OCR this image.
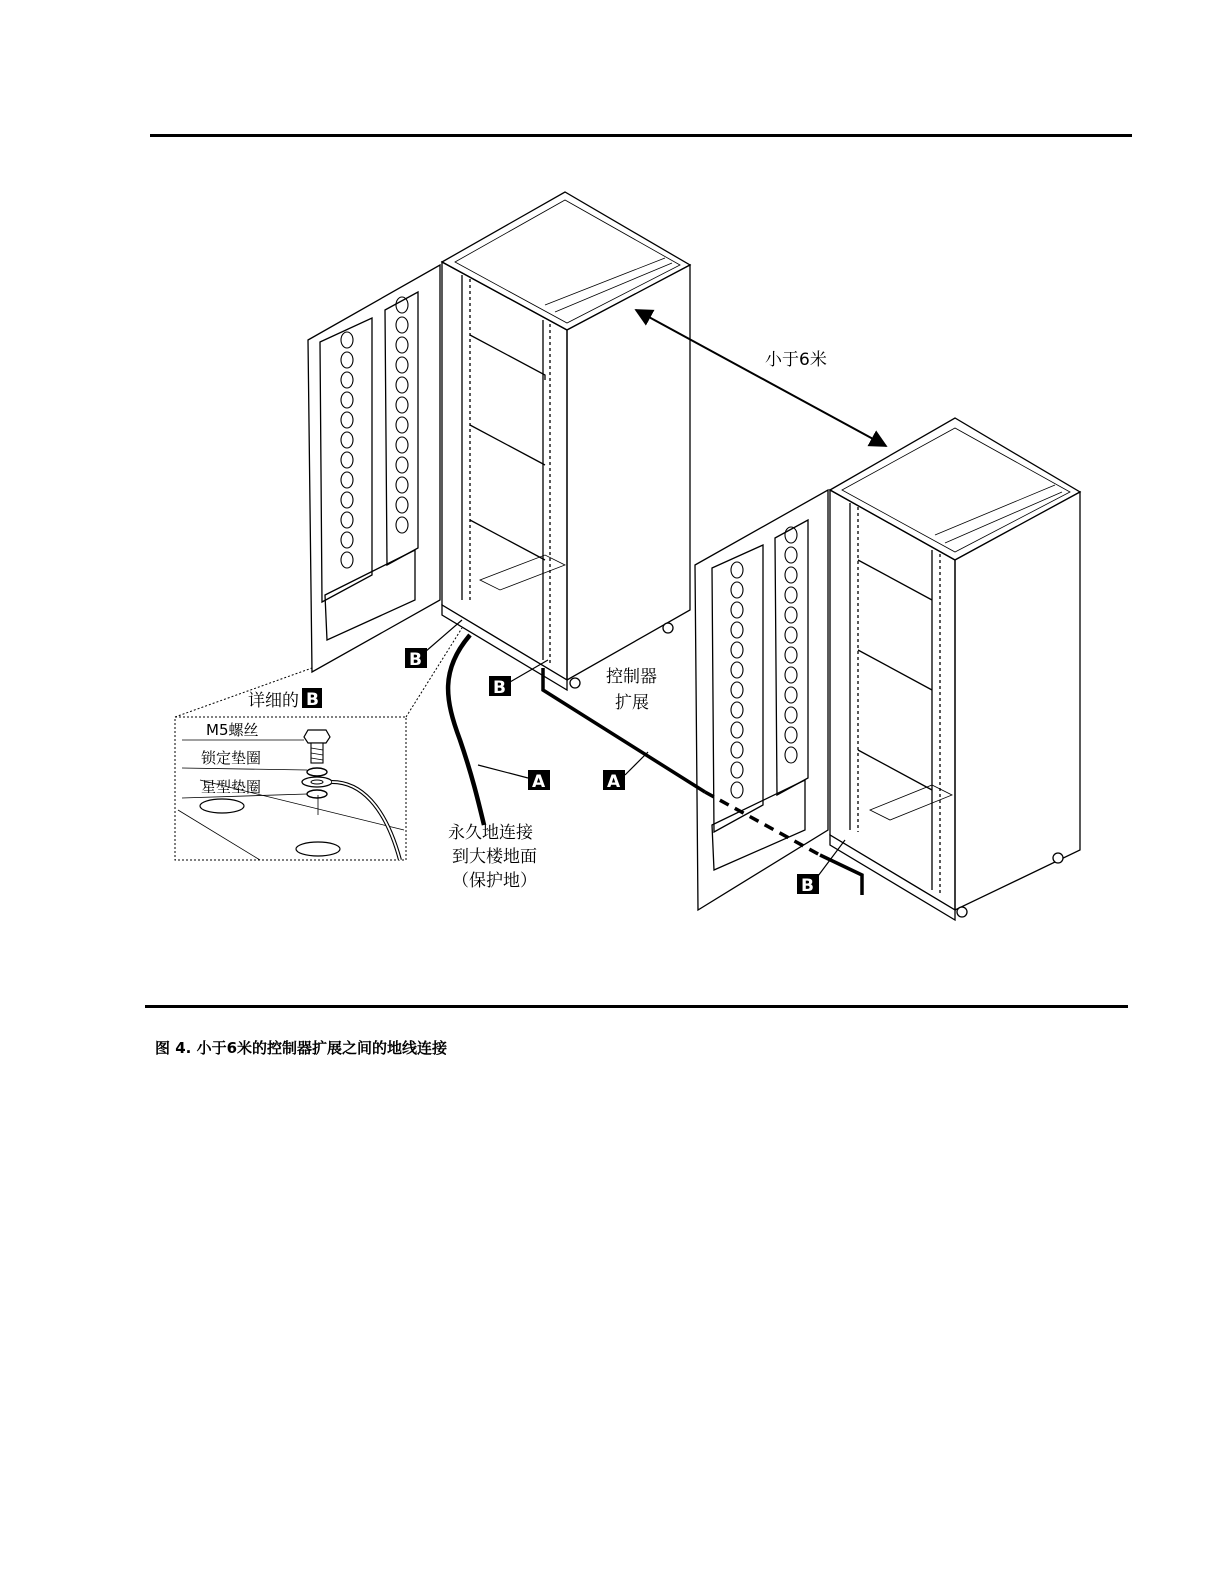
小于6米
B
B
B
A	A
控制器
扩展
永久地连接
到大楼地面
（保护地）
详细的 B
M5螺丝
锁定垫圈
星型垫圈
图 4. 小于6米的控制器扩展之间的地线连接
